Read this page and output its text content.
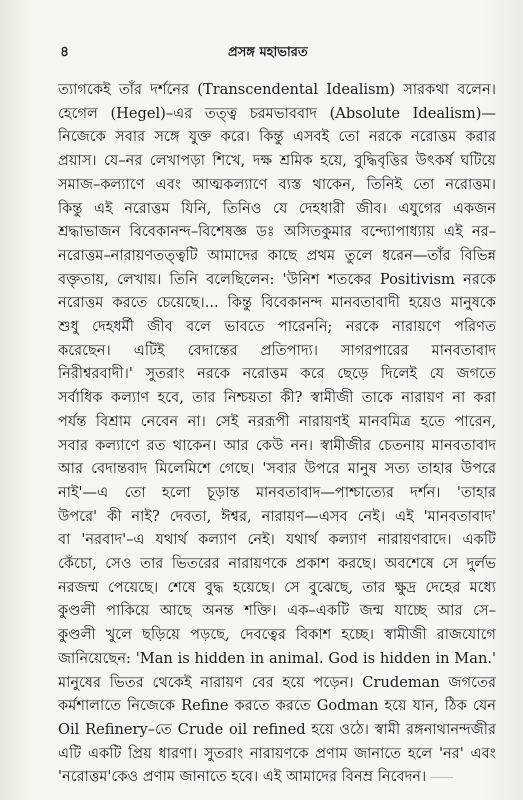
৪	প্রসঙ্গ মহাভারত
ত্যাগকেই তাঁর দর্শনের (Transcendental Idealism) সারকথা বলেন।
হেগেল (Hegel)–এর তত্ত্ব চরমভাববাদ (Absolute Idealism)—
নিজেকে সবার সঙ্গে যুক্ত করে। কিন্তু এসবই তো নরকে নরোত্তম করার
প্রয়াস। যে–নর লেখাপড়া শিখে, দক্ষ শ্রমিক হয়ে, বুদ্ধিবৃত্তির উৎকর্ষ ঘটিয়ে
সমাজ–কল্যাণে এবং আত্মকল্যাণে ব্যস্ত থাকেন, তিনিই তো নরোত্তম।
কিন্তু এই নরোত্তম যিনি, তিনিও যে দেহধারী জীব। এযুগের একজন
শ্রদ্ধাভাজন বিবেকানন্দ–বিশেষজ্ঞ ডঃ অসিতকুমার বন্দ্যোপাধ্যায় এই নর–
নরোত্তম–নারায়ণতত্ত্বটি আমাদের কাছে প্রথম তুলে ধরেন—তাঁর বিভিন্ন
বক্তৃতায়, লেখায়। তিনি বলেছিলেন: 'উনিশ শতকের Positivism নরকে
নরোত্তম করতে চেয়েছে।... কিন্তু বিবেকানন্দ মানবতাবাদী হয়েও মানুষকে
শুধু দেহধর্মী জীব বলে ভাবতে পারেননি; নরকে নারায়ণে পরিণত
করেছেন। এটিই বেদান্তের প্রতিপাদ্য। সাগরপারের মানবতাবাদ
নিরীশ্বরবাদী।' সুতরাং নরকে নরোত্তম করে ছেড়ে দিলেই যে জগতে
সর্বাধিক কল্যাণ হবে, তার নিশ্চয়তা কী? স্বামীজী তাকে নারায়ণ না করা
পর্যন্ত বিশ্রাম নেবেন না। সেই নররূপী নারায়ণই মানবমিত্র হতে পারেন,
সবার কল্যাণে রত থাকেন। আর কেউ নন। স্বামীজীর চেতনায় মানবতাবাদ
আর বেদান্তবাদ মিলেমিশে গেছে। 'সবার উপরে মানুষ সত্য তাহার উপরে
নাই'—এ তো হলো চূড়ান্ত মানবতাবাদ—পাশ্চাত্যের দর্শন। 'তাহার
উপরে' কী নাই? দেবতা, ঈশ্বর, নারায়ণ—এসব নেই। এই 'মানবতাবাদ'
বা 'নরবাদ'–এ যথার্থ কল্যাণ নেই। যথার্থ কল্যাণ নারায়ণবাদে। একটি
কেঁচো, সেও তার ভিতরের নারায়ণকে প্রকাশ করছে। অবশেষে সে দুর্লভ
নরজন্ম পেয়েছে। শেষে বুদ্ধ হয়েছে। সে বুঝেছে, তার ক্ষুদ্র দেহের মধ্যে
কুণ্ডলী পাকিয়ে আছে অনন্ত শক্তি। এক–একটি জন্ম যাচ্ছে আর সে–
কুণ্ডলী খুলে ছড়িয়ে পড়ছে, দেবত্বের বিকাশ হচ্ছে। স্বামীজী রাজযোগে
জানিয়েছেন: 'Man is hidden in animal. God is hidden in Man.'
মানুষের ভিতর থেকেই নারায়ণ বের হয়ে পড়েন। Crudeman জগতের
কর্মশালাতে নিজেকে Refine করতে করতে Godman হয়ে যান, ঠিক যেন
Oil Refinery–তে Crude oil refined হয়ে ওঠে। স্বামী রঙ্গনাথানন্দজীর
এটি একটি প্রিয় ধারণা। সুতরাং নারায়ণকে প্রণাম জানাতে হলে 'নর' এবং
'নরোত্তম'কেও প্রণাম জানাতে হবে। এই আমাদের বিনম্র নিবেদন।
